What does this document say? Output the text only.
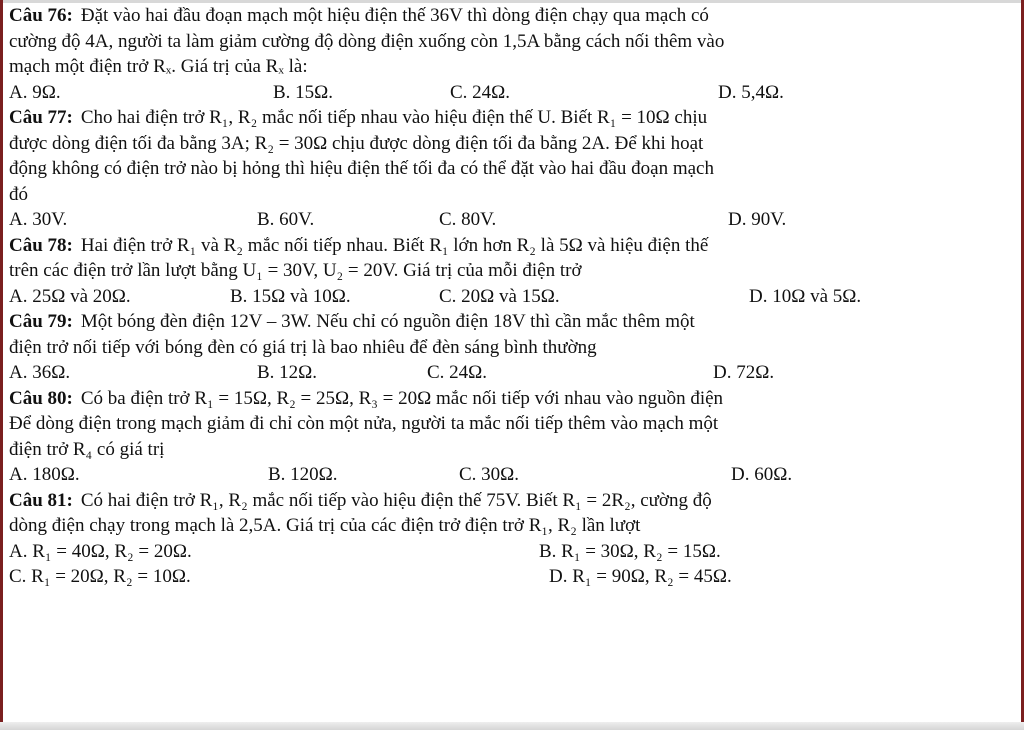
Câu 76: Đặt vào hai đầu đoạn mạch một hiệu điện thế 36V thì dòng điện chạy qua mạch có
cường độ 4A, người ta làm giảm cường độ dòng điện xuống còn 1,5A bằng cách nối thêm vào
mạch một điện trở Rₓ. Giá trị của Rₓ là:
A. 9Ω.	B. 15Ω.	C. 24Ω.	D. 5,4Ω.
Câu 77: Cho hai điện trở R₁, R₂ mắc nối tiếp nhau vào hiệu điện thế U. Biết R₁ = 10Ω chịu
được dòng điện tối đa bằng 3A; R₂ = 30Ω chịu được dòng điện tối đa bằng 2A. Để khi hoạt
động không có điện trở nào bị hỏng thì hiệu điện thế tối đa có thể đặt vào hai đầu đoạn mạch
đó
A. 30V.	B. 60V.	C. 80V.	D. 90V.
Câu 78: Hai điện trở R₁ và R₂ mắc nối tiếp nhau. Biết R₁ lớn hơn R₂ là 5Ω và hiệu điện thế
trên các điện trở lần lượt bằng U₁ = 30V, U₂ = 20V. Giá trị của mỗi điện trở
A. 25Ω và 20Ω.	B. 15Ω và 10Ω.	C. 20Ω và 15Ω.	D. 10Ω và 5Ω.
Câu 79: Một bóng đèn điện 12V – 3W. Nếu chỉ có nguồn điện 18V thì cần mắc thêm một
điện trở nối tiếp với bóng đèn có giá trị là bao nhiêu để đèn sáng bình thường
A. 36Ω.	B. 12Ω.	C. 24Ω.	D. 72Ω.
Câu 80: Có ba điện trở R₁ = 15Ω, R₂ = 25Ω, R₃ = 20Ω mắc nối tiếp với nhau vào nguồn điện
Để dòng điện trong mạch giảm đi chỉ còn một nửa, người ta mắc nối tiếp thêm vào mạch một
điện trở R₄ có giá trị
A. 180Ω.	B. 120Ω.	C. 30Ω.	D. 60Ω.
Câu 81: Có hai điện trở R₁, R₂ mắc nối tiếp vào hiệu điện thế 75V. Biết R₁ = 2R₂, cường độ
dòng điện chạy trong mạch là 2,5A. Giá trị của các điện trở điện trở R₁, R₂ lần lượt
A. R₁ = 40Ω, R₂ = 20Ω.	B. R₁ = 30Ω, R₂ = 15Ω.
C. R₁ = 20Ω, R₂ = 10Ω.	D. R₁ = 90Ω, R₂ = 45Ω.
